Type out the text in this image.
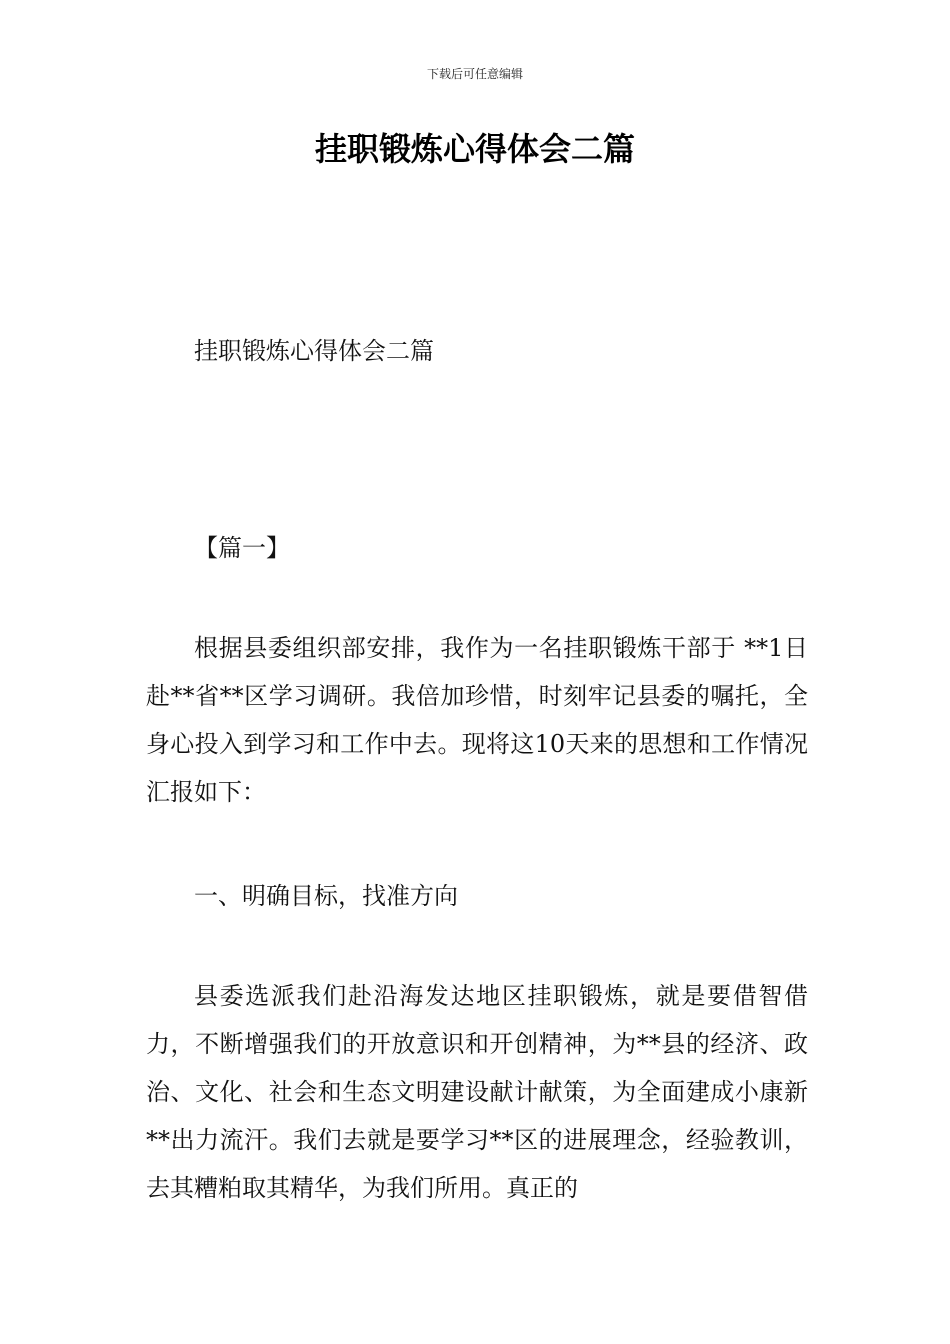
下载后可任意编辑
挂职锻炼心得体会二篇

挂职锻炼心得体会二篇

【篇一】

根据县委组织部安排，我作为一名挂职锻炼干部于 **1日 赴**省**区学习调研。我倍加珍惜，时刻牢记县委的嘱托，全身心投入到学习和工作中去。现将这10天来的思想和工作情况汇报如下：

一、明确目标，找准方向

县委选派我们赴沿海发达地区挂职锻炼，就是要借智借力，不断增强我们的开放意识和开创精神，为**县的经济、政治、文化、社会和生态文明建设献计献策，为全面建成小康新**出力流汗。我们去就是要学习**区的进展理念，经验教训，去其糟粕取其精华，为我们所用。真正的
